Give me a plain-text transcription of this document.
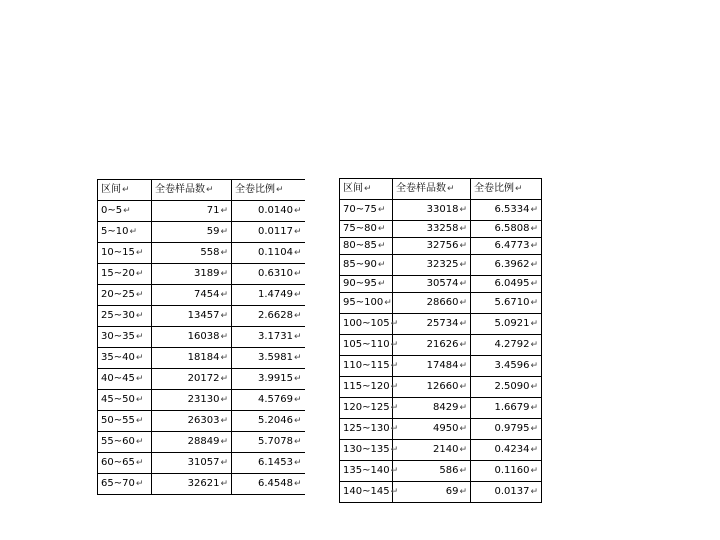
区间↵	全卷样品数↵	全卷比例↵
0~5↵	71↵	0.0140↵
5~10↵	59↵	0.0117↵
10~15↵	558↵	0.1104↵
15~20↵	3189↵	0.6310↵
20~25↵	7454↵	1.4749↵
25~30↵	13457↵	2.6628↵
30~35↵	16038↵	3.1731↵
35~40↵	18184↵	3.5981↵
40~45↵	20172↵	3.9915↵
45~50↵	23130↵	4.5769↵
50~55↵	26303↵	5.2046↵
55~60↵	28849↵	5.7078↵
60~65↵	31057↵	6.1453↵
65~70↵	32621↵	6.4548↵
区间↵	全卷样品数↵	全卷比例↵
70~75↵	33018↵	6.5334↵
75~80↵	33258↵	6.5808↵
80~85↵	32756↵	6.4773↵
85~90↵	32325↵	6.3962↵
90~95↵	30574↵	6.0495↵
95~100↵	28660↵	5.6710↵
100~105↵	25734↵	5.0921↵
105~110↵	21626↵	4.2792↵
110~115↵	17484↵	3.4596↵
115~120↵	12660↵	2.5090↵
120~125↵	8429↵	1.6679↵
125~130↵	4950↵	0.9795↵
130~135↵	2140↵	0.4234↵
135~140↵	586↵	0.1160↵
140~145↵	69↵	0.0137↵
